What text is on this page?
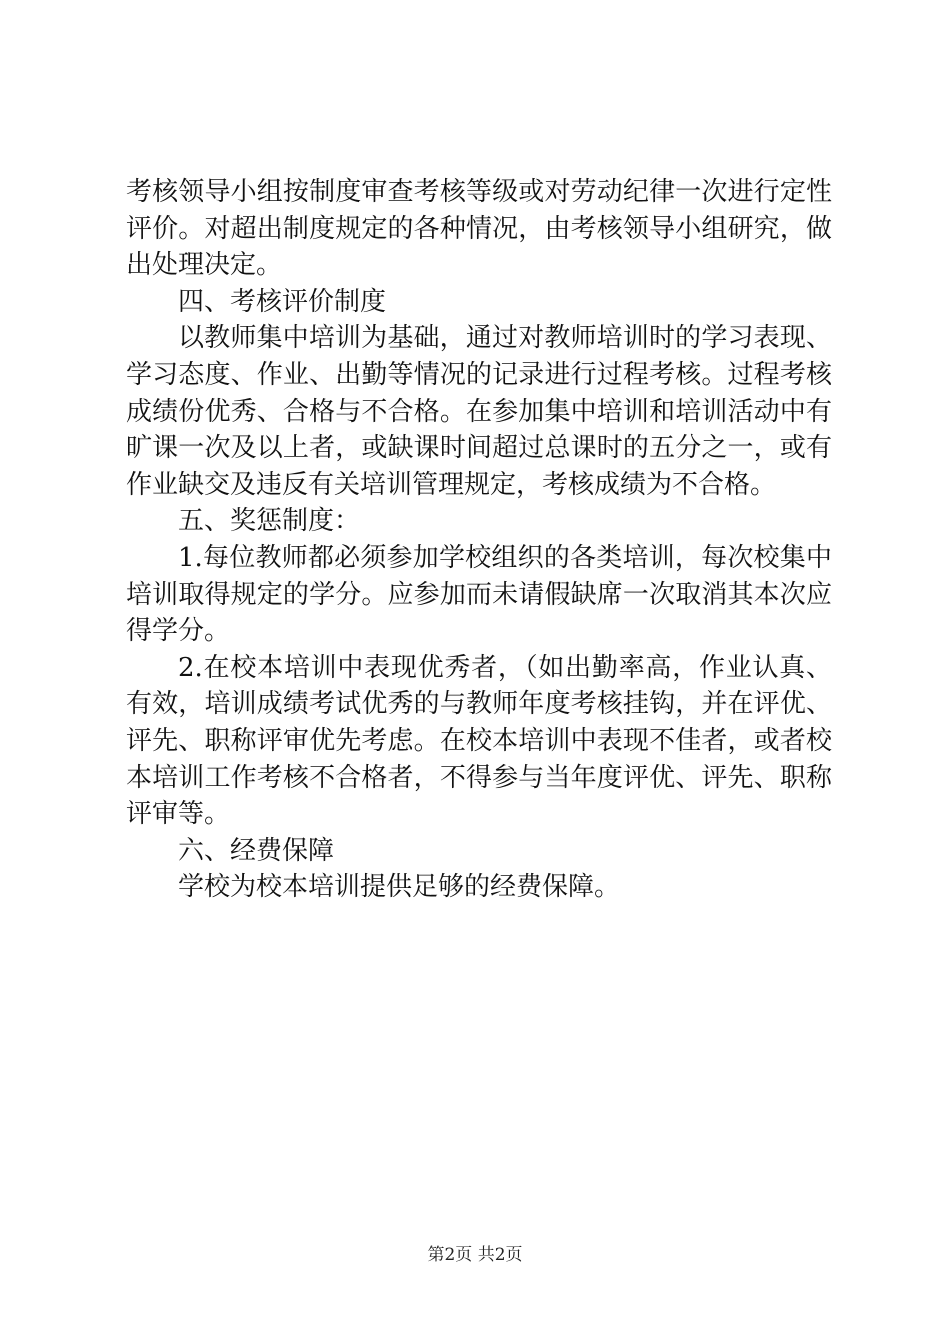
考核领导小组按制度审查考核等级或对劳动纪律一次进行定性
评价。对超出制度规定的各种情况，由考核领导小组研究，做
出处理决定。
四、考核评价制度
以教师集中培训为基础，通过对教师培训时的学习表现、
学习态度、作业、出勤等情况的记录进行过程考核。过程考核
成绩份优秀、合格与不合格。在参加集中培训和培训活动中有
旷课一次及以上者，或缺课时间超过总课时的五分之一，或有
作业缺交及违反有关培训管理规定，考核成绩为不合格。
五、奖惩制度：
1.每位教师都必须参加学校组织的各类培训，每次校集中
培训取得规定的学分。应参加而未请假缺席一次取消其本次应
得学分。
2.在校本培训中表现优秀者，（如出勤率高，作业认真、
有效，培训成绩考试优秀的与教师年度考核挂钩，并在评优、
评先、职称评审优先考虑。在校本培训中表现不佳者，或者校
本培训工作考核不合格者，不得参与当年度评优、评先、职称
评审等。
六、经费保障
学校为校本培训提供足够的经费保障。
第2页 共2页
